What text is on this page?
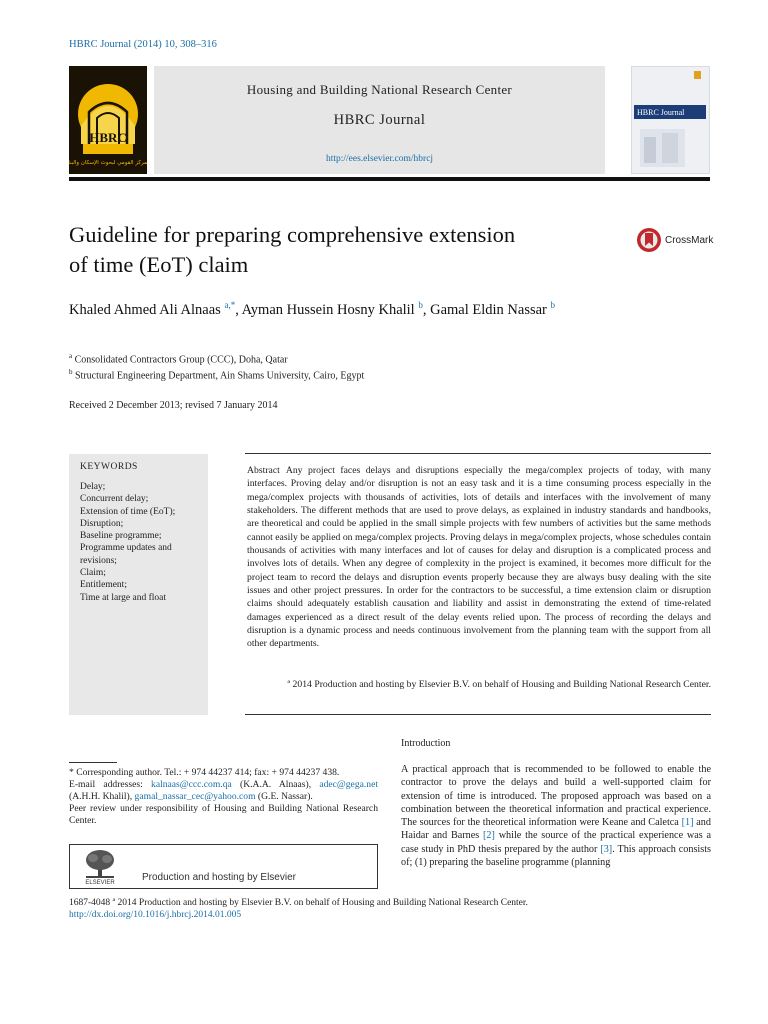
HBRC Journal (2014) 10, 308–316
HBRC
المركز القومي لبحوث الإسكان والبناء
Housing and Building National Research Center
HBRC Journal
http://ees.elsevier.com/hbrcj
HBRC Journal
Guideline for preparing comprehensive extension of time (EoT) claim
CrossMark
Khaled Ahmed Ali Alnaas $^{a,*}$, Ayman Hussein Hosny Khalil $^b$, Gamal Eldin Nassar $^b$
$^a$ Consolidated Contractors Group (CCC), Doha, Qatar
$^b$ Structural Engineering Department, Ain Shams University, Cairo, Egypt
Received 2 December 2013; revised 7 January 2014
KEYWORDS
Delay;
Concurrent delay;
Extension of time (EoT);
Disruption;
Baseline programme;
Programme updates and revisions;
Claim;
Entitlement;
Time at large and float
Abstract Any project faces delays and disruptions especially the mega/complex projects of today, with many interfaces. Proving delay and/or disruption is not an easy task and it is a time consuming process especially in the mega/complex projects with thousands of activities, lots of details and interfaces with the involvement of many stakeholders. The different methods that are used to prove delays, as explained in industry standards and handbooks, are theoretical and could be applied in the small simple projects with few numbers of activities but the same methods cannot easily be applied on mega/complex projects. Proving delays in mega/complex projects, whose schedules contain thousands of activities with many interfaces and lot of causes for delay and disruption is a complicated process and involves lots of details. When any degree of complexity in the project is examined, it becomes more difficult for the project team to record the delays and disruption events properly because they are always busy dealing with the site issues and other project pressures. In order for the contractors to be successful, a time extension claim or disruption claims should adequately establish causation and liability and assist in demonstrating the extend of time-related damages experienced as a direct result of the delay events relied upon. The process of recording the delays and disruption is a dynamic process and needs continuous involvement from the planning team with the support from all other departments.
ª 2014 Production and hosting by Elsevier B.V. on behalf of Housing and Building National Research Center.
Introduction
A practical approach that is recommended to be followed to enable the contractor to prove the delays and build a well-supported claim for extension of time is introduced. The proposed approach was based on a combination between the theoretical information and practical experience. The sources for the theoretical information were Keane and Caletca [1] and Haidar and Barnes [2] while the source of the practical experience was a case study in PhD thesis prepared by the author [3]. This approach consists of; (1) preparing the baseline programme (planning
* Corresponding author. Tel.: + 974 44237 414; fax: + 974 44237 438.
E-mail addresses: kalnaas@ccc.com.qa (K.A.A. Alnaas), adec@gega.net (A.H.H. Khalil), gamal_nassar_cec@yahoo.com (G.E. Nassar).
Peer review under responsibility of Housing and Building National Research Center.
ELSEVIER	Production and hosting by Elsevier
1687-4048 ª 2014 Production and hosting by Elsevier B.V. on behalf of Housing and Building National Research Center.
http://dx.doi.org/10.1016/j.hbrcj.2014.01.005
